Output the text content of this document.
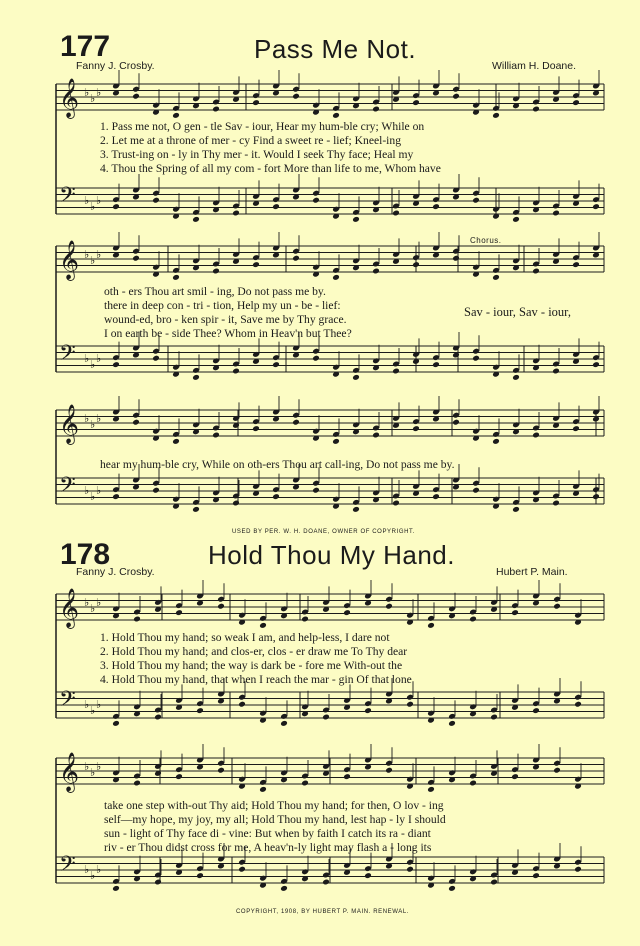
177	Pass Me Not.
Fanny J. Crosby.	William H. Doane.
1. Pass me not, O gen - tle Sav - iour, Hear my hum-ble cry; While on
2. Let me at a throne of mer - cy Find a sweet re - lief; Kneel-ing
3. Trust-ing on - ly in Thy mer - it. Would I seek Thy face; Heal my
4. Thou the Spring of all my com - fort More than life to me, Whom have
Chorus.
oth - ers Thou art smil - ing, Do not pass me by.
there in deep con - tri - tion, Help my un - be - lief:
wound-ed, bro - ken spir - it, Save me by Thy grace.
I on earth be - side Thee? Whom in Heav'n but Thee?
Sav - iour, Sav - iour,
hear my hum-ble cry, While on oth-ers Thou art call-ing, Do not pass me by.
USED BY PER. W. H. DOANE, OWNER OF COPYRIGHT.
178	Hold Thou My Hand.
Fanny J. Crosby.	Hubert P. Main.
1. Hold Thou my hand; so weak I am, and help-less, I dare not
2. Hold Thou my hand; and clos-er, clos - er draw me To Thy dear
3. Hold Thou my hand; the way is dark be - fore me With-out the
4. Hold Thou my hand, that when I reach the mar - gin Of that lone
take one step with-out Thy aid; Hold Thou my hand; for then, O lov - ing
self—my hope, my joy, my all; Hold Thou my hand, lest hap - ly I should
sun - light of Thy face di - vine: But when by faith I catch its ra - diant
riv - er Thou didst cross for me, A heav'n-ly light may flash a - long its
COPYRIGHT, 1908, BY HUBERT P. MAIN. RENEWAL.
𝄞 ♭ ♭ ♭
𝄢 ♭ ♭ ♭
𝄞 ♭ ♭ ♭
𝄢 ♭ ♭ ♭
𝄞 ♭ ♭ ♭
𝄢 ♭ ♭ ♭
𝄞 ♭ ♭ ♭
𝄢 ♭ ♭ ♭
𝄞 ♭ ♭ ♭
𝄢 ♭ ♭ ♭
